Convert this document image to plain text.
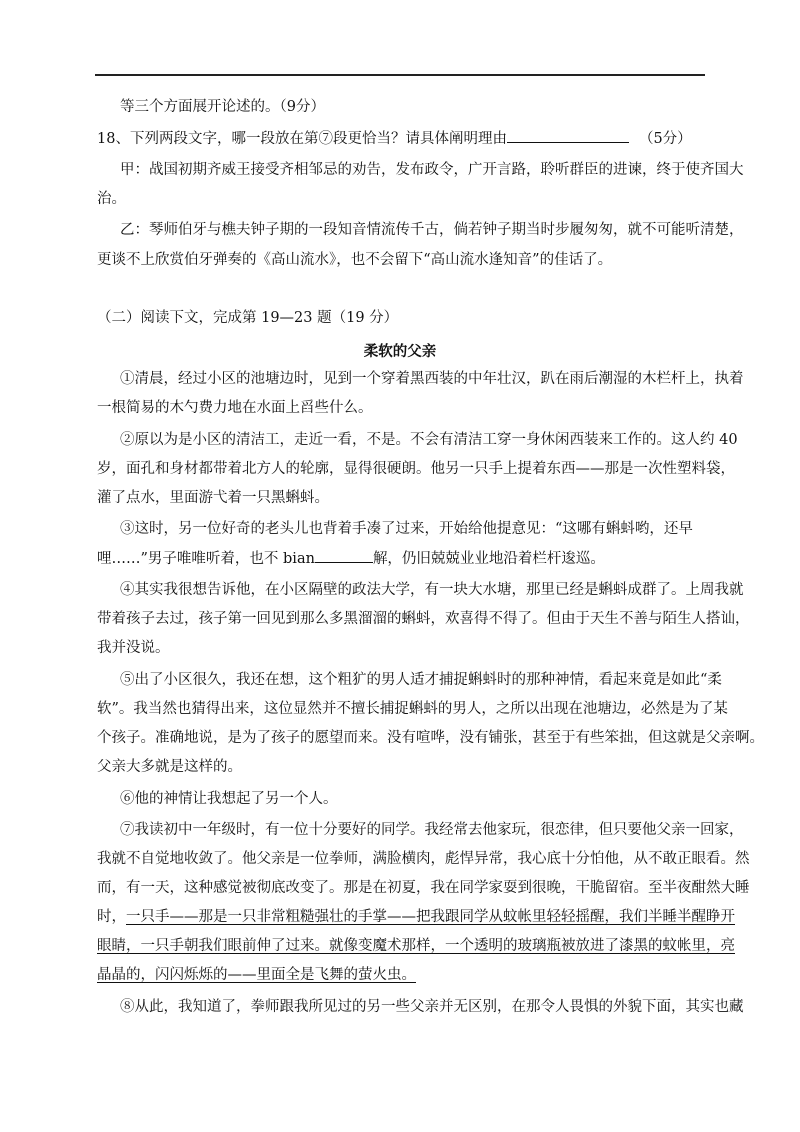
等三个方面展开论述的。（9分）
18、下列两段文字，哪一段放在第⑦段更恰当？请具体阐明理由	（5分）
甲：战国初期齐威王接受齐相邹忌的劝告，发布政令，广开言路，聆听群臣的进谏，终于使齐国大
治。
乙：琴师伯牙与樵夫钟子期的一段知音情流传千古，倘若钟子期当时步履匆匆，就不可能听清楚，
更谈不上欣赏伯牙弹奏的《高山流水》，也不会留下“高山流水逢知音”的佳话了。
（二）阅读下文，完成第 19—23 题（19 分）
柔软的父亲
①清晨，经过小区的池塘边时，见到一个穿着黑西装的中年壮汉，趴在雨后潮湿的木栏杆上，执着
一根简易的木勺费力地在水面上舀些什么。
②原以为是小区的清洁工，走近一看，不是。不会有清洁工穿一身休闲西装来工作的。这人约 40
岁，面孔和身材都带着北方人的轮廓，显得很硬朗。他另一只手上提着东西——那是一次性塑料袋，
灌了点水，里面游弋着一只黑蝌蚪。
③这时，另一位好奇的老头儿也背着手凑了过来，开始给他提意见：“这哪有蝌蚪哟，还早
哩……”男子唯唯听着，也不 bian	解，仍旧兢兢业业地沿着栏杆逡巡。
④其实我很想告诉他，在小区隔壁的政法大学，有一块大水塘，那里已经是蝌蚪成群了。上周我就
带着孩子去过，孩子第一回见到那么多黑溜溜的蝌蚪，欢喜得不得了。但由于天生不善与陌生人搭讪，
我并没说。
⑤出了小区很久，我还在想，这个粗犷的男人适才捕捉蝌蚪时的那种神情，看起来竟是如此“柔
软”。我当然也猜得出来，这位显然并不擅长捕捉蝌蚪的男人，之所以出现在池塘边，必然是为了某
个孩子。准确地说，是为了孩子的愿望而来。没有喧哗，没有铺张，甚至于有些笨拙，但这就是父亲啊。
父亲大多就是这样的。
⑥他的神情让我想起了另一个人。
⑦我读初中一年级时，有一位十分要好的同学。我经常去他家玩，很恋律，但只要他父亲一回家，
我就不自觉地收敛了。他父亲是一位拳师，满脸横肉，彪悍异常，我心底十分怕他，从不敢正眼看。然
而，有一天，这种感觉被彻底改变了。那是在初夏，我在同学家耍到很晚，干脆留宿。至半夜酣然大睡
时，一只手——那是一只非常粗糙强壮的手掌——把我跟同学从蚊帐里轻轻摇醒，我们半睡半醒睁开
眼睛，一只手朝我们眼前伸了过来。就像变魔术那样，一个透明的玻璃瓶被放进了漆黑的蚊帐里，亮
晶晶的，闪闪烁烁的——里面全是飞舞的萤火虫。
⑧从此，我知道了，拳师跟我所见过的另一些父亲并无区别，在那令人畏惧的外貌下面，其实也藏
